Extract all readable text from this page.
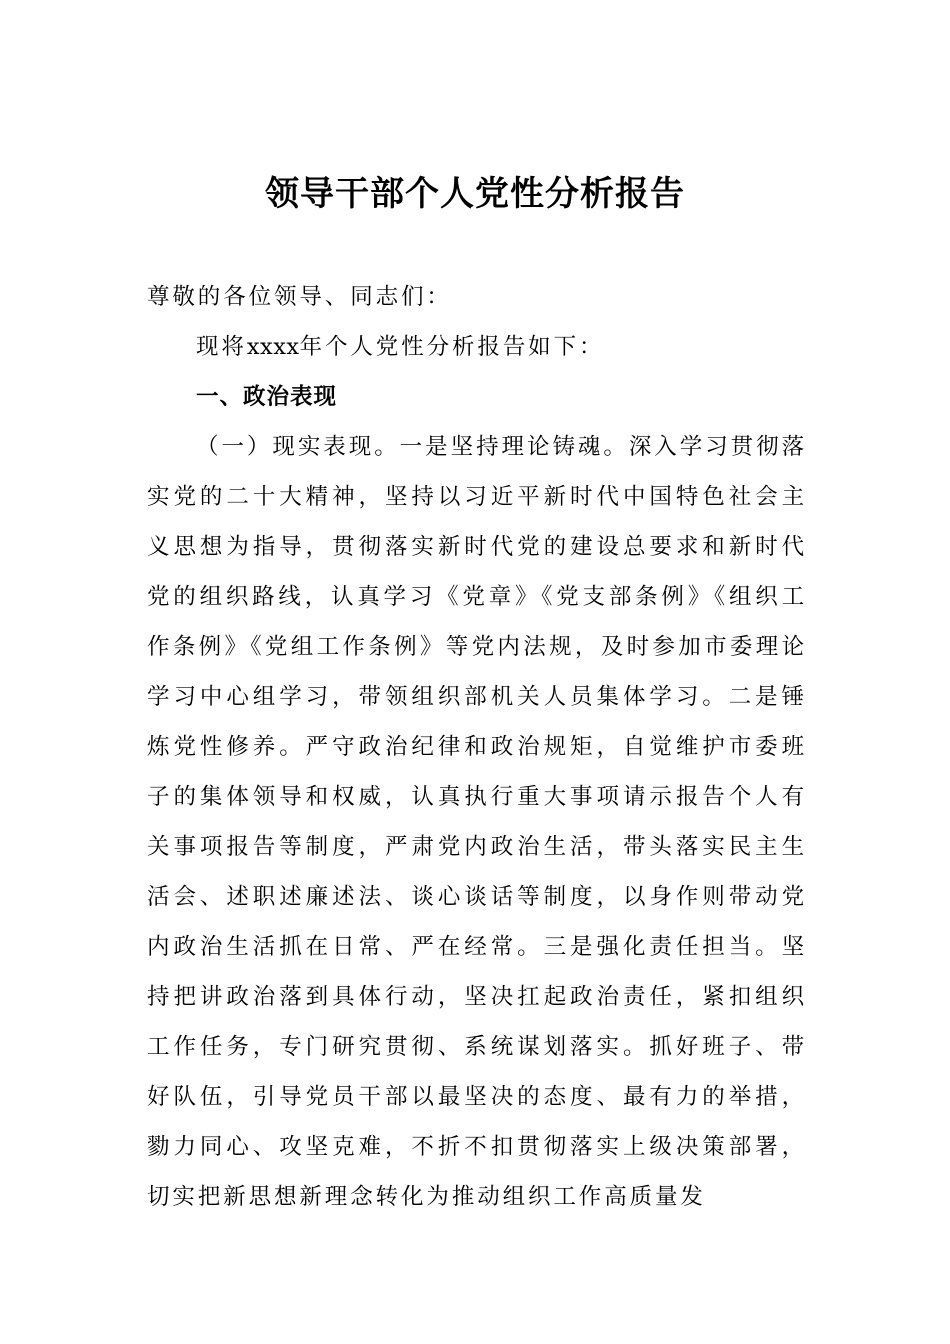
领导干部个人党性分析报告

尊敬的各位领导、同志们：

现将xxxx年个人党性分析报告如下：

一、政治表现

（一）现实表现。一是坚持理论铸魂。深入学习贯彻落实党的二十大精神，坚持以习近平新时代中国特色社会主义思想为指导，贯彻落实新时代党的建设总要求和新时代党的组织路线，认真学习《党章》《党支部条例》《组织工作条例》《党组工作条例》等党内法规，及时参加市委理论学习中心组学习，带领组织部机关人员集体学习。二是锤炼党性修养。严守政治纪律和政治规矩，自觉维护市委班子的集体领导和权威，认真执行重大事项请示报告个人有关事项报告等制度，严肃党内政治生活，带头落实民主生活会、述职述廉述法、谈心谈话等制度，以身作则带动党内政治生活抓在日常、严在经常。三是强化责任担当。坚持把讲政治落到具体行动，坚决扛起政治责任，紧扣组织工作任务，专门研究贯彻、系统谋划落实。抓好班子、带好队伍，引导党员干部以最坚决的态度、最有力的举措，勠力同心、攻坚克难，不折不扣贯彻落实上级决策部署，切实把新思想新理念转化为推动组织工作高质量发
